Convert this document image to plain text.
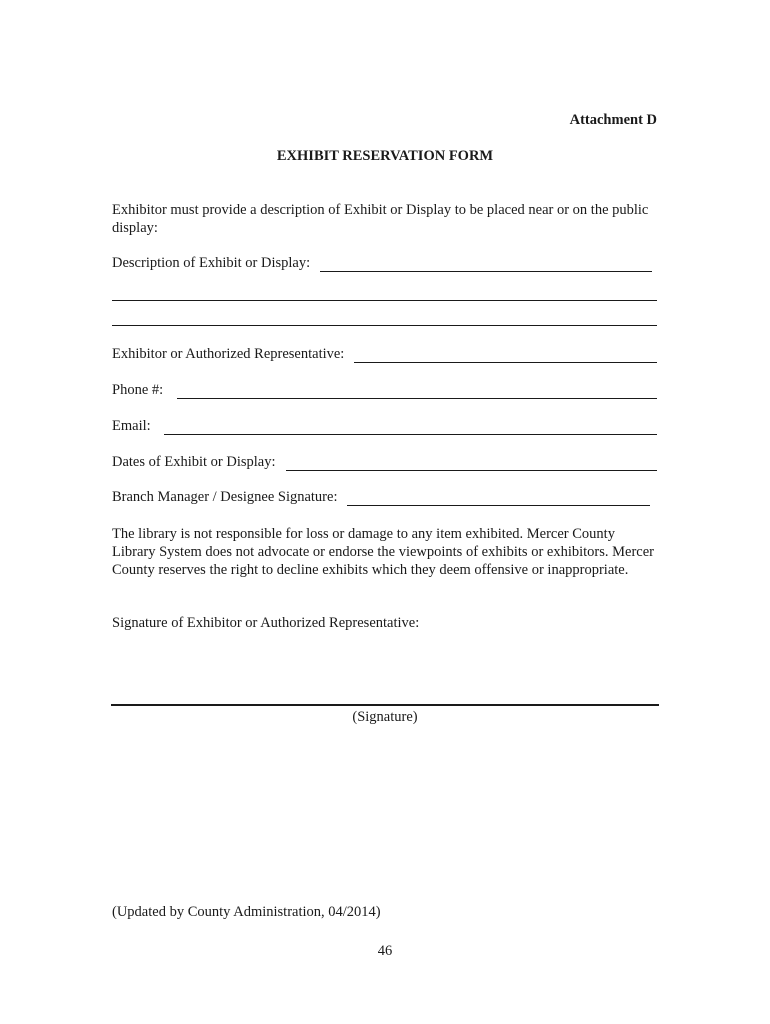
Attachment D
EXHIBIT RESERVATION FORM
Exhibitor must provide a description of Exhibit or Display to be placed near or on the public display:
Description of Exhibit or Display:
Exhibitor or Authorized Representative:
Phone #:
Email:
Dates of Exhibit or Display:
Branch Manager / Designee Signature:
The library is not responsible for loss or damage to any item exhibited. Mercer County Library System does not advocate or endorse the viewpoints of exhibits or exhibitors. Mercer County reserves the right to decline exhibits which they deem offensive or inappropriate.
Signature of Exhibitor or Authorized Representative:
(Signature)
(Updated by County Administration, 04/2014)
46
